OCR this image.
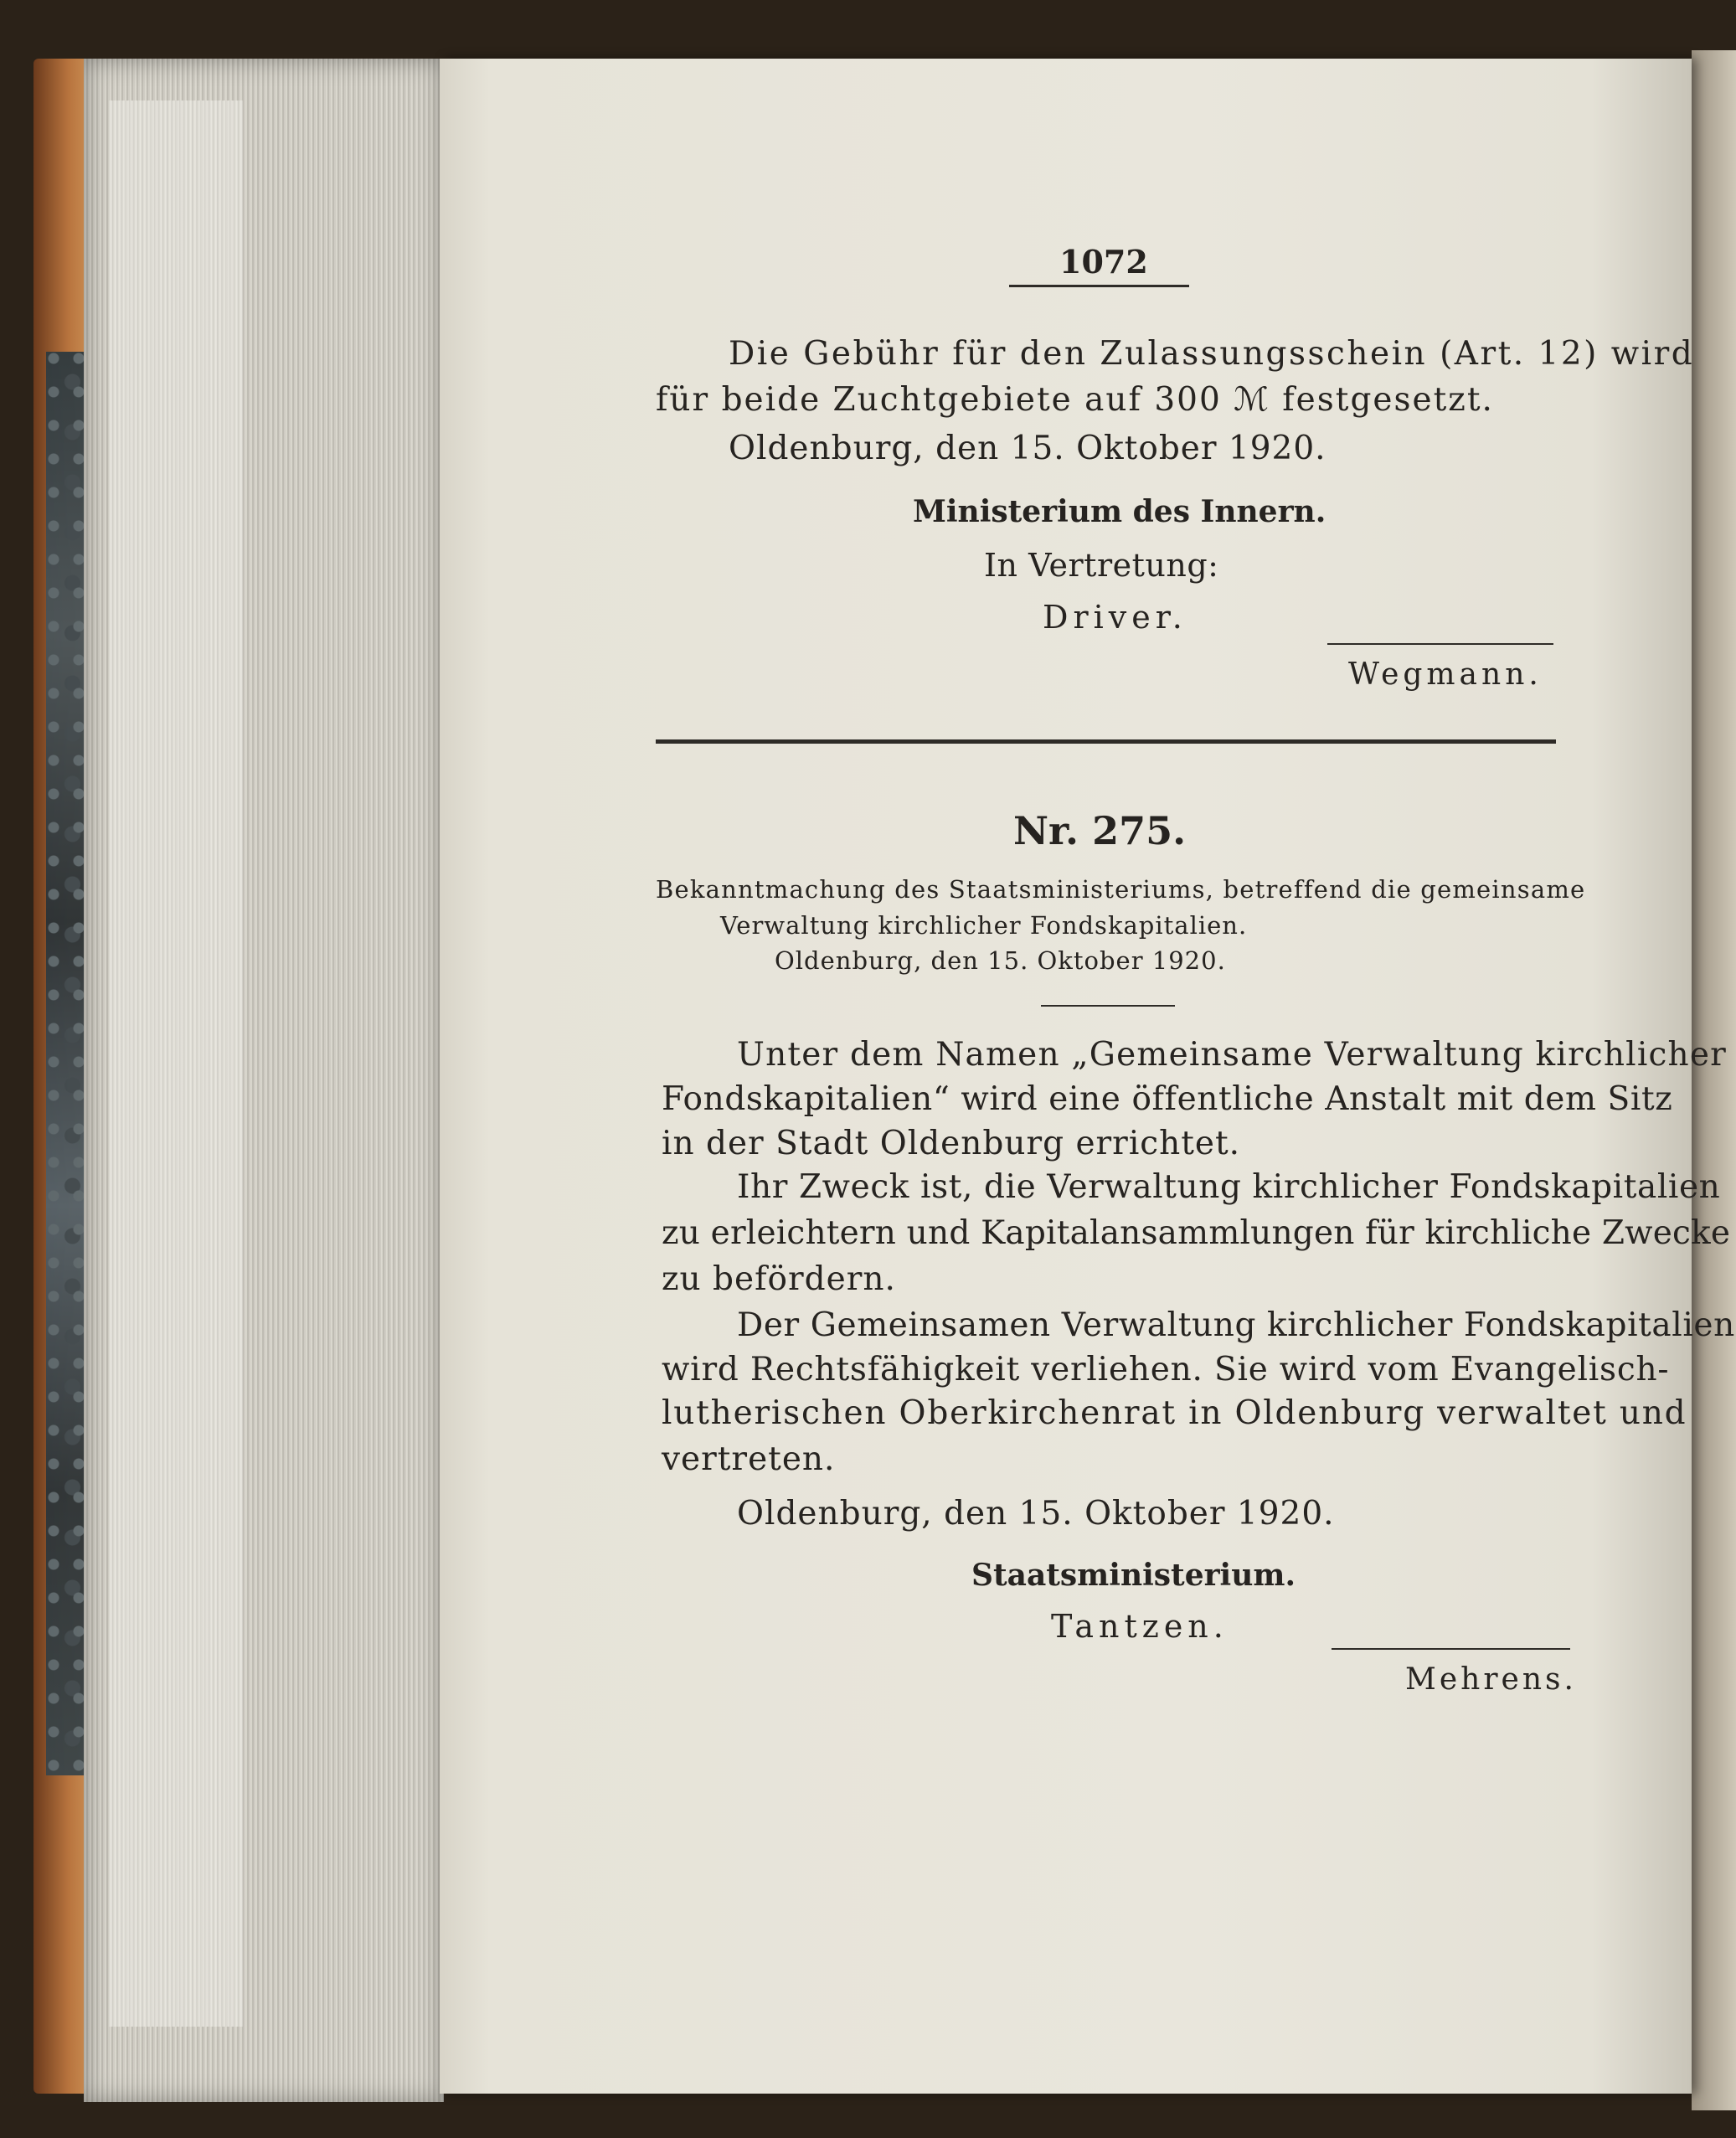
1072

Die Gebühr für den Zulassungsschein (Art. 12) wird

für beide Zuchtgebiete auf 300 ℳ festgesetzt.

Oldenburg, den 15. Oktober 1920.

Ministerium des Innern.

In Vertretung:

Driver.

Wegmann.

Nr. 275.

Bekanntmachung des Staatsministeriums, betreffend die gemeinsame

Verwaltung kirchlicher Fondskapitalien.

Oldenburg, den 15. Oktober 1920.

Unter dem Namen „Gemeinsame Verwaltung kirchlicher

Fondskapitalien“ wird eine öffentliche Anstalt mit dem Sitz

in der Stadt Oldenburg errichtet.

Ihr Zweck ist, die Verwaltung kirchlicher Fondskapitalien

zu erleichtern und Kapitalansammlungen für kirchliche Zwecke

zu befördern.

Der Gemeinsamen Verwaltung kirchlicher Fondskapitalien

wird Rechtsfähigkeit verliehen. Sie wird vom Evangelisch-

lutherischen Oberkirchenrat in Oldenburg verwaltet und

vertreten.

Oldenburg, den 15. Oktober 1920.

Staatsministerium.

Tantzen.

Mehrens.
